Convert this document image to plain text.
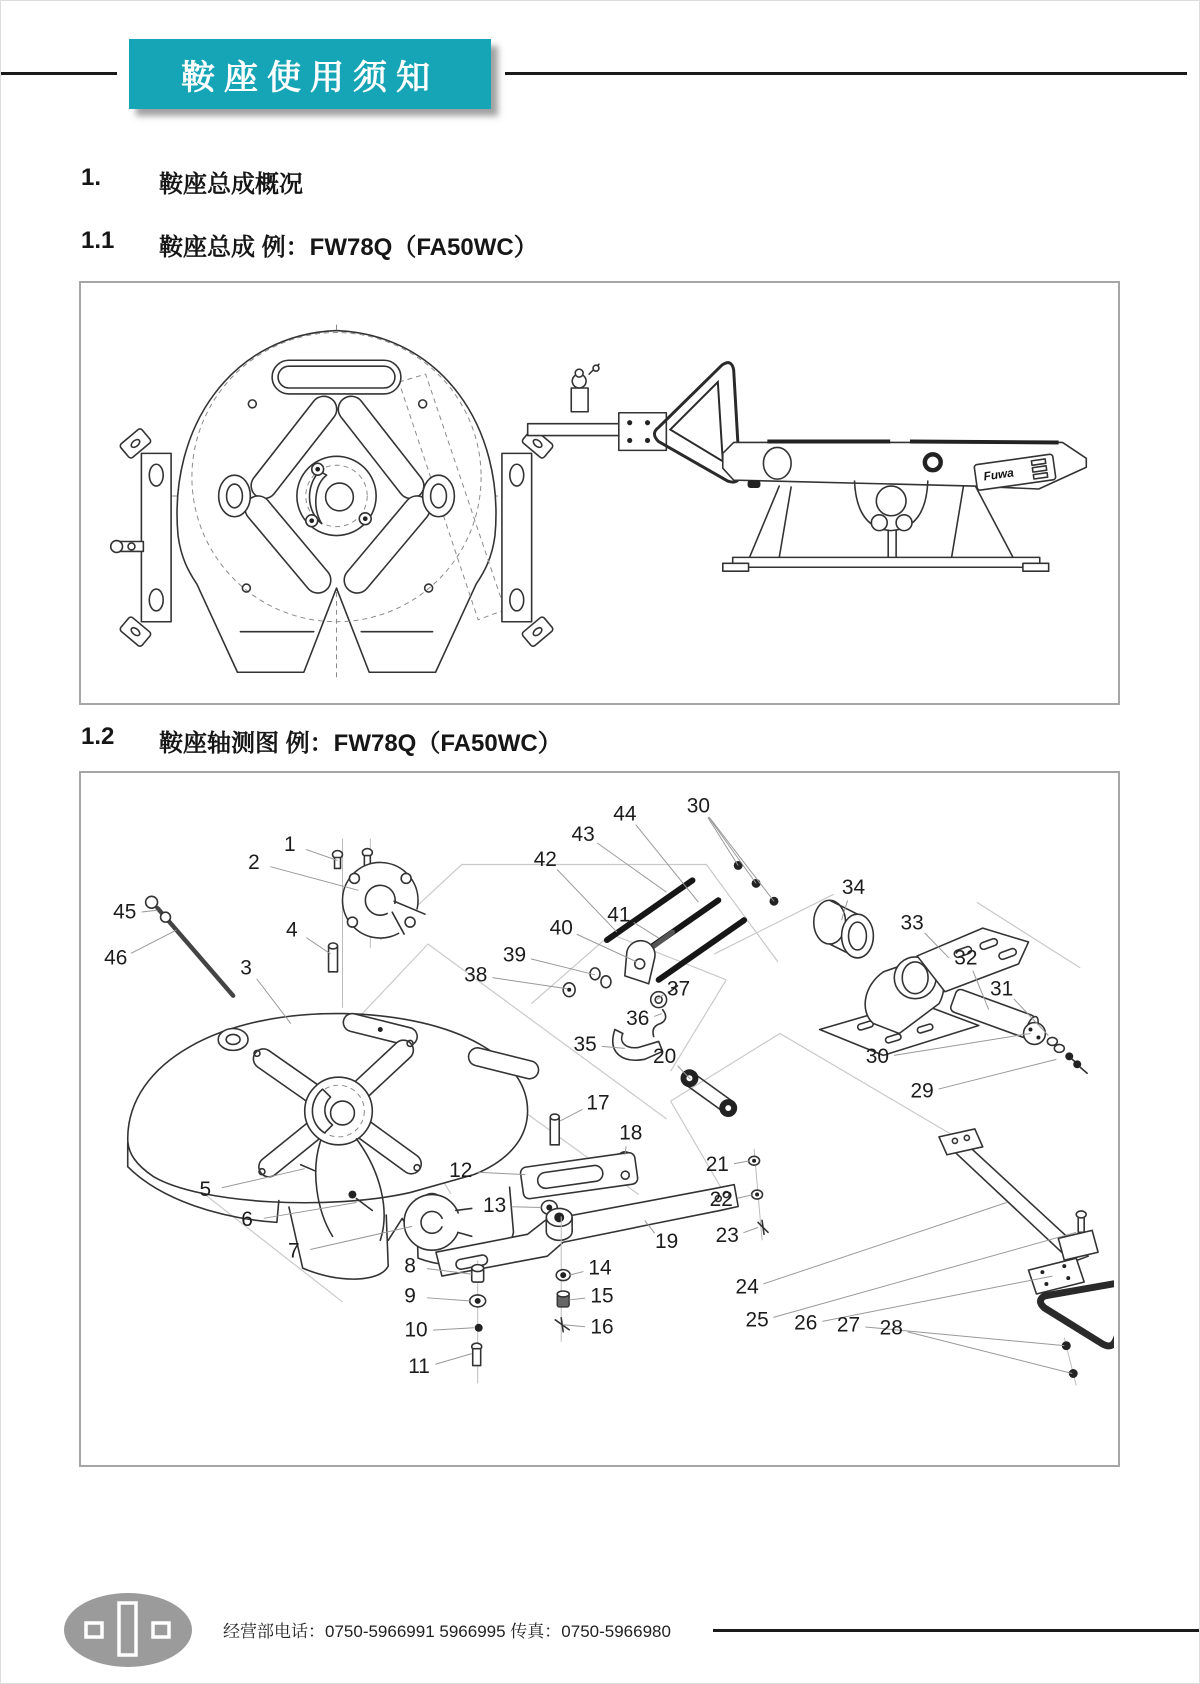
鞍座使用须知
1.	鞍座总成概况
1.1	鞍座总成 例：FW78Q（FA50WC）
1.2	鞍座轴测图 例：FW78Q（FA50WC）
Fuwa
1
2
45
46
4
3
42
43
44 30
41
40
39
38
37
36
35
34
33
32
31
30
29
20
17
18
12
13
19
21
22
23
24
25 26 27 28
5
6
7
8
9
10
11
14
15
16
经营部电话：0750-5966991 5966995 传真：0750-5966980
